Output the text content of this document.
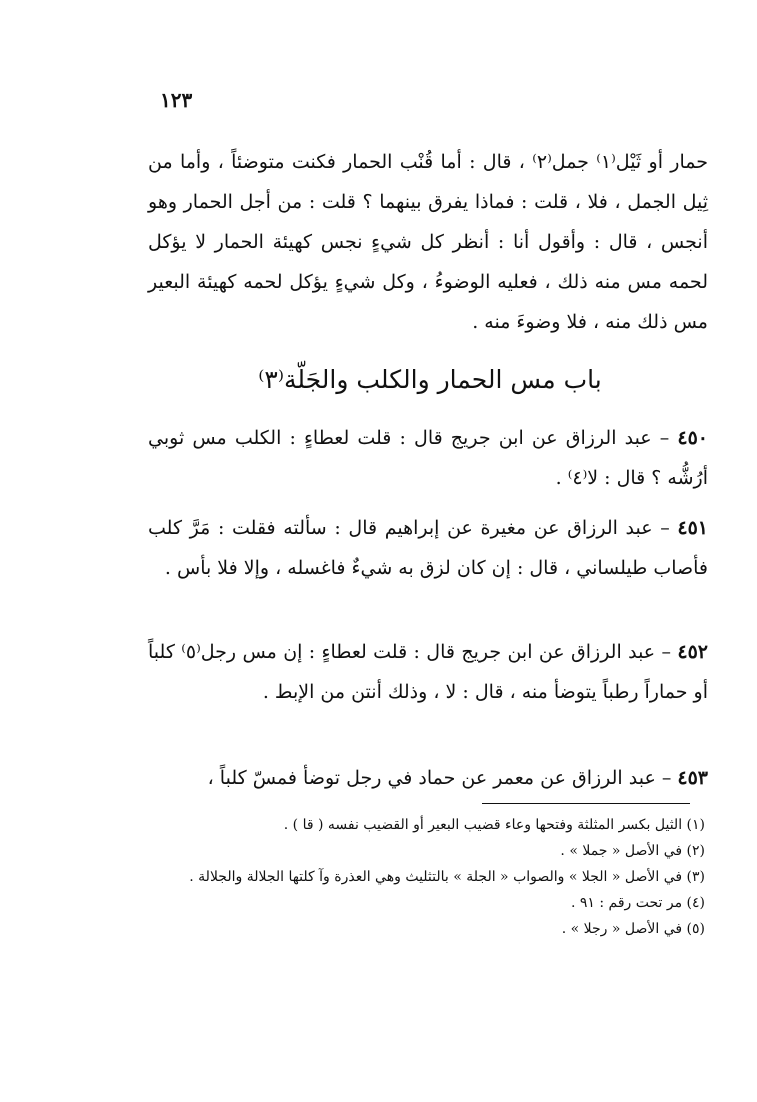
١٢٣
حمار أو ثَيْل⁽١⁾ جمل⁽٢⁾ ، قال : أما قُنْب الحمار فكنت متوضئاً ، وأما من ثِيل الجمل ، فلا ، قلت : فماذا يفرق بينهما ؟ قلت : من أجل الحمار وهو أنجس ، قال : وأقول أنا : أنظر كل شيءٍ نجس كهيئة الحمار لا يؤكل لحمه مس منه ذلك ، فعليه الوضوءُ ، وكل شيءٍ يؤكل لحمه كهيئة البعير مس ذلك منه ، فلا وضوءَ منه .
باب مس الحمار والكلب والجَلّة⁽٣⁾
٤٥٠ – عبد الرزاق عن ابن جريج قال : قلت لعطاءٍ : الكلب مس ثوبي أرُشُّه ؟ قال : لا⁽٤⁾ .
٤٥١ – عبد الرزاق عن مغيرة عن إبراهيم قال : سألته فقلت : مَرَّ كلب فأصاب طيلساني ، قال : إن كان لزق به شيءٌ فاغسله ، وإلا فلا بأس .
٤٥٢ – عبد الرزاق عن ابن جريج قال : قلت لعطاءٍ : إن مس رجل⁽٥⁾ كلباً أو حماراً رطباً يتوضأ منه ، قال : لا ، وذلك أنتن من الإبط .
٤٥٣ – عبد الرزاق عن معمر عن حماد في رجل توضأ فمسّ كلباً ،
(١) الثيل بكسر المثلثة وفتحها وعاء قضيب البعير أو القضيب نفسه ( قا ) .
(٢) في الأصل « جملا » .
(٣) في الأصل « الجلا » والصواب « الجلة » بالتثليث وهي العذرة وآ كلتها الجلالة والجلالة .
(٤) مر تحت رقم : ٩١ .
(٥) في الأصل « رجلا » .
